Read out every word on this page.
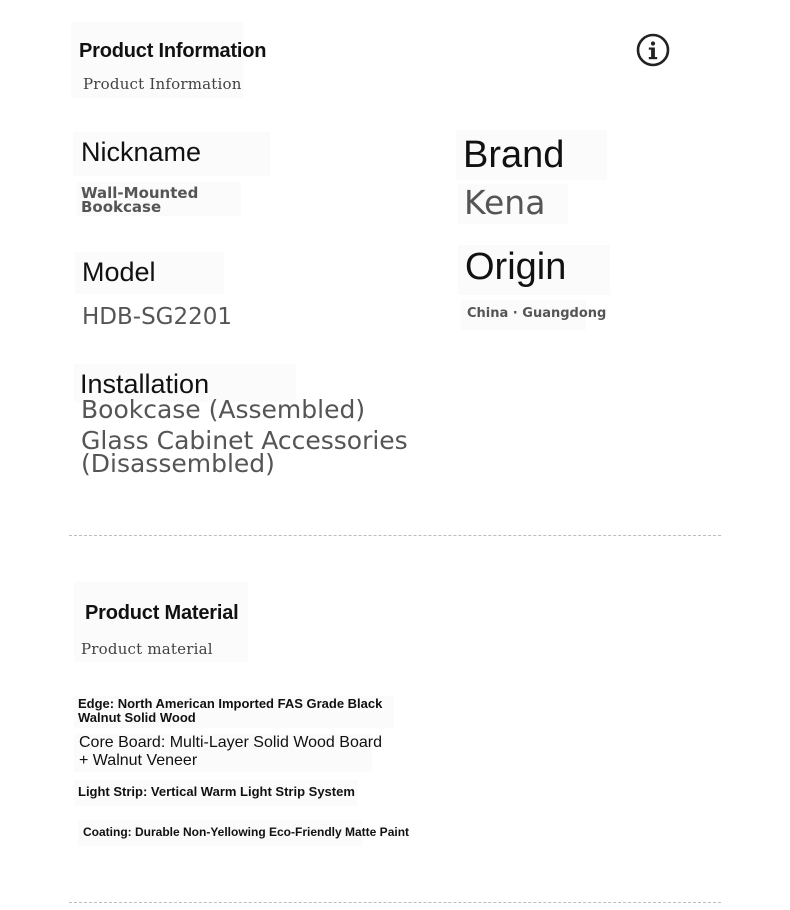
Product Information
Product Information
Nickname
Wall-Mounted
Bookcase
Brand
Kena
Model
HDB-SG2201
Origin
China · Guangdong
Installation
Bookcase (Assembled)
Glass Cabinet Accessories
(Disassembled)
Product Material
Product material
Edge: North American Imported FAS Grade Black
Walnut Solid Wood
Core Board: Multi-Layer Solid Wood Board
+ Walnut Veneer
Light Strip: Vertical Warm Light Strip System
Coating: Durable Non-Yellowing Eco-Friendly Matte Paint
